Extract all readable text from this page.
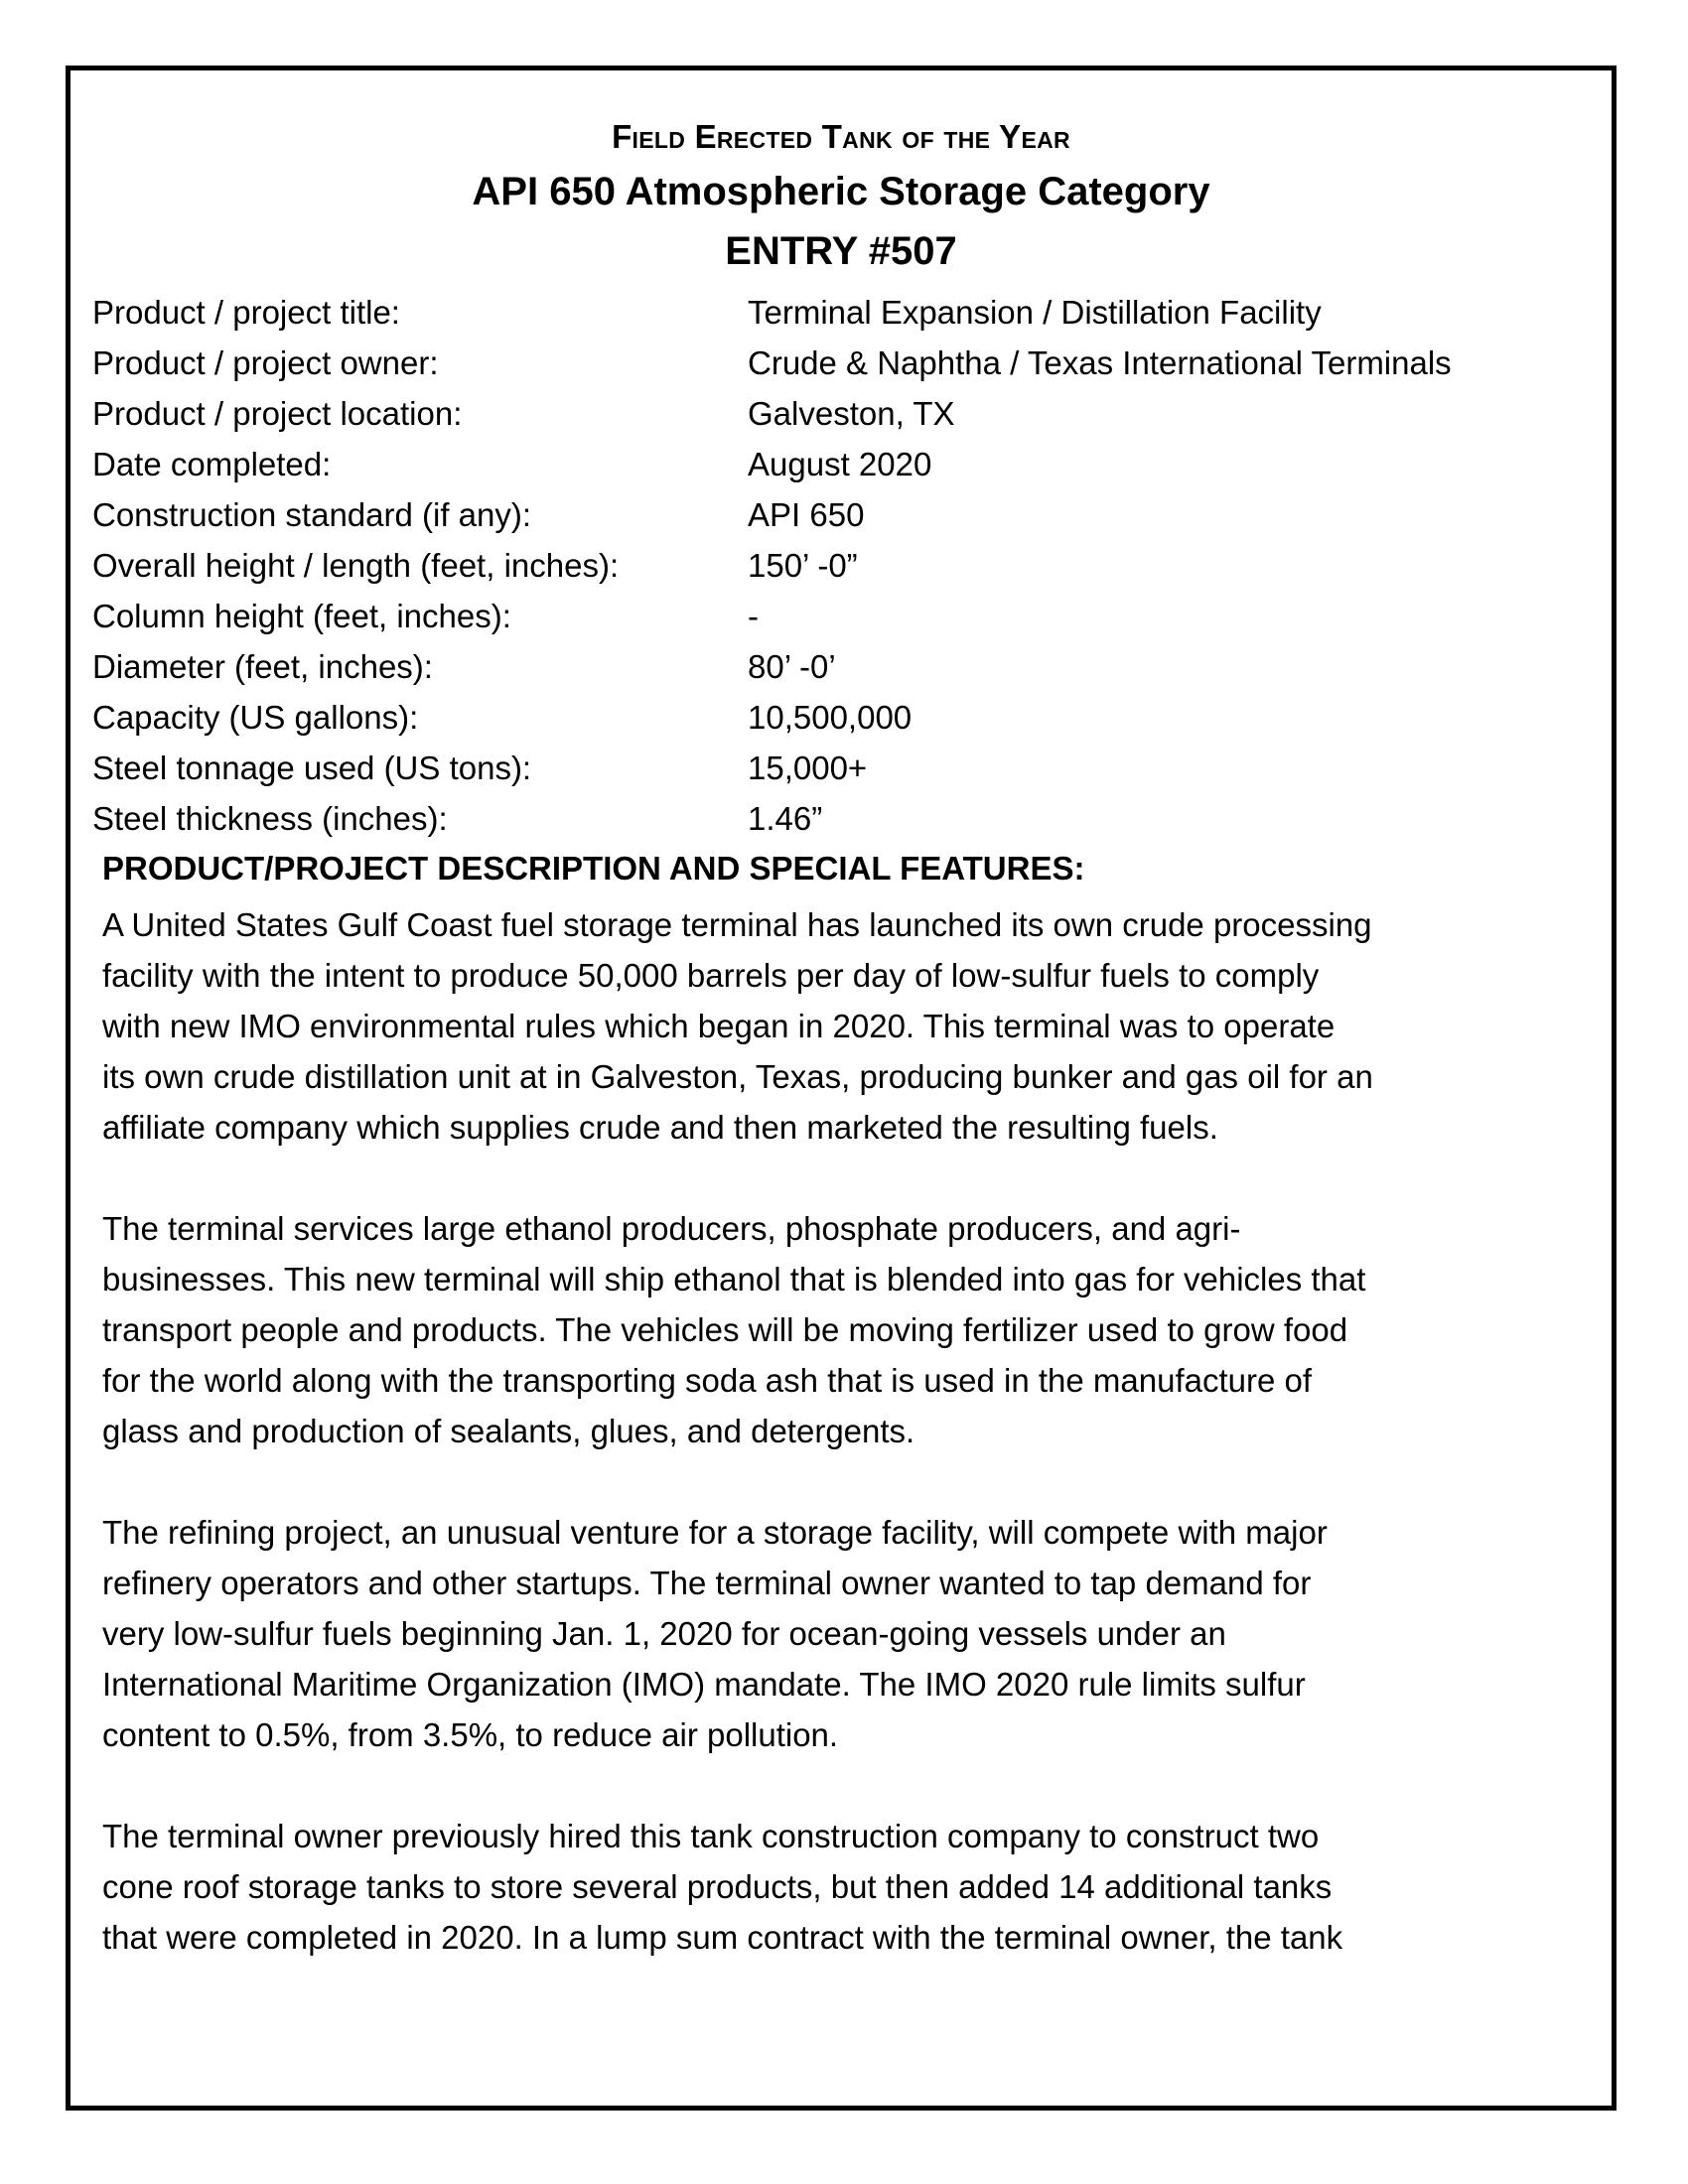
Field Erected Tank of the Year
API 650 Atmospheric Storage Category
ENTRY #507
Product / project title:	Terminal Expansion / Distillation Facility
Product / project owner:	Crude & Naphtha / Texas International Terminals
Product / project location:	Galveston, TX
Date completed:	August 2020
Construction standard (if any):	API 650
Overall height / length (feet, inches):	150’ -0”
Column height (feet, inches):	-
Diameter (feet, inches):	80’ -0’
Capacity (US gallons):	10,500,000
Steel tonnage used (US tons):	15,000+
Steel thickness (inches):	1.46”
PRODUCT/PROJECT DESCRIPTION AND SPECIAL FEATURES:
A United States Gulf Coast fuel storage terminal has launched its own crude processing
facility with the intent to produce 50,000 barrels per day of low-sulfur fuels to comply
with new IMO environmental rules which began in 2020. This terminal was to operate
its own crude distillation unit at in Galveston, Texas, producing bunker and gas oil for an
affiliate company which supplies crude and then marketed the resulting fuels.
The terminal services large ethanol producers, phosphate producers, and agri-
businesses. This new terminal will ship ethanol that is blended into gas for vehicles that
transport people and products. The vehicles will be moving fertilizer used to grow food
for the world along with the transporting soda ash that is used in the manufacture of
glass and production of sealants, glues, and detergents.
The refining project, an unusual venture for a storage facility, will compete with major
refinery operators and other startups. The terminal owner wanted to tap demand for
very low-sulfur fuels beginning Jan. 1, 2020 for ocean-going vessels under an
International Maritime Organization (IMO) mandate. The IMO 2020 rule limits sulfur
content to 0.5%, from 3.5%, to reduce air pollution.
The terminal owner previously hired this tank construction company to construct two
cone roof storage tanks to store several products, but then added 14 additional tanks
that were completed in 2020. In a lump sum contract with the terminal owner, the tank
